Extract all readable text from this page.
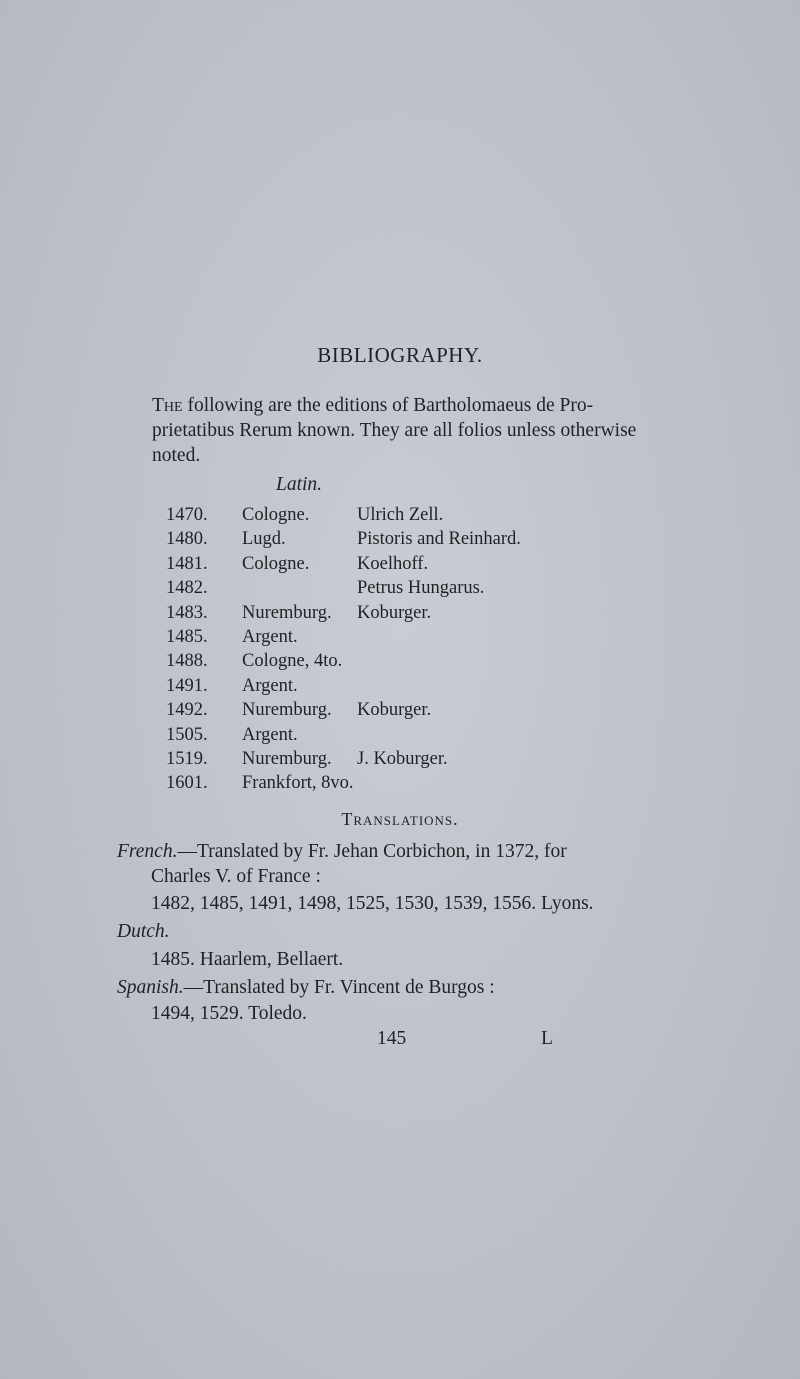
BIBLIOGRAPHY.
The following are the editions of Bartholomaeus de Pro-
prietatibus Rerum known. They are all folios unless otherwise
noted.
Latin.
1470. Cologne.	Ulrich Zell.
1480. Lugd.	Pistoris and Reinhard.
1481. Cologne.	Koelhoff.
1482.	Petrus Hungarus.
1483. Nuremburg. Koburger.
1485. Argent.
1488. Cologne, 4to.
1491. Argent.
1492. Nuremburg. Koburger.
1505. Argent.
1519. Nuremburg. J. Koburger.
1601. Frankfort, 8vo.
Translations.
French.—Translated by Fr. Jehan Corbichon, in 1372, for
Charles V. of France :
1482, 1485, 1491, 1498, 1525, 1530, 1539, 1556. Lyons.
Dutch.
1485. Haarlem, Bellaert.
Spanish.—Translated by Fr. Vincent de Burgos :
1494, 1529. Toledo.
145	L
